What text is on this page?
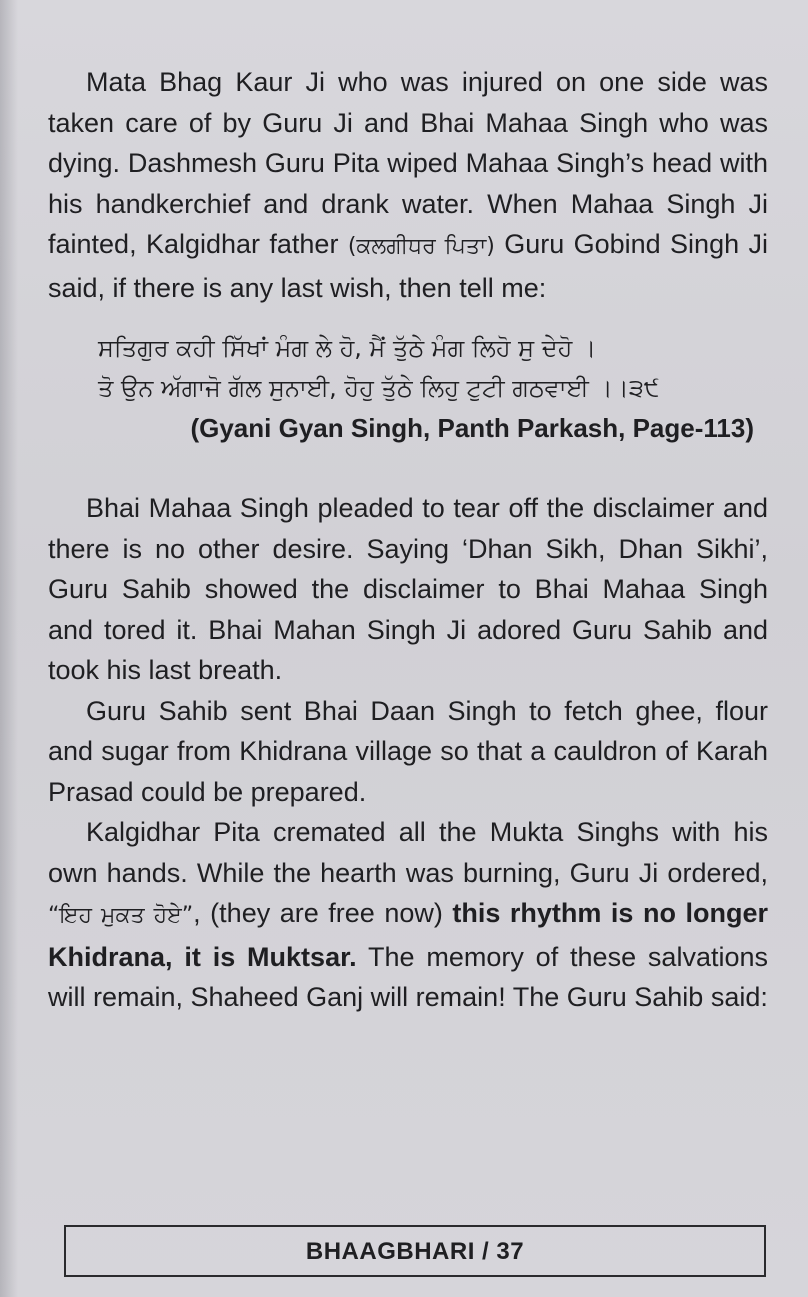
Mata Bhag Kaur Ji who was injured on one side was taken care of by Guru Ji and Bhai Mahaa Singh who was dying. Dashmesh Guru Pita wiped Mahaa Singh’s head with his handkerchief and drank water. When Mahaa Singh Ji fainted, Kalgidhar father (ਕਲਗੀਧਰ ਪਿਤਾ) Guru Gobind Singh Ji said, if there is any last wish, then tell me:

ਸਤਿਗੁਰ ਕਹੀ ਸਿੱਖਾਂ ਮੰਗ ਲੇ ਹੋ, ਮੈਂ ਤੁੱਠੇ ਮੰਗ ਲਿਹੋ ਸੁ ਦੇਹੋ ।

ਤੋ ਉਨ ਅੱਗਾਜੋ ਗੱਲ ਸੁਨਾਈ, ਹੋਹੁ ਤੁੱਠੇ ਲਿਹੁ ਟੁਟੀ ਗਠਵਾਈ ।।੩੯

(Gyani Gyan Singh, Panth Parkash, Page-113)

Bhai Mahaa Singh pleaded to tear off the disclaimer and there is no other desire. Saying ‘Dhan Sikh, Dhan Sikhi’, Guru Sahib showed the disclaimer to Bhai Mahaa Singh and tored it. Bhai Mahan Singh Ji adored Guru Sahib and took his last breath.

Guru Sahib sent Bhai Daan Singh to fetch ghee, flour and sugar from Khidrana village so that a cauldron of Karah Prasad could be prepared.

Kalgidhar Pita cremated all the Mukta Singhs with his own hands. While the hearth was burning, Guru Ji ordered, “ਇਹ ਮੁਕਤ ਹੋਏ”, (they are free now) this rhythm is no longer Khidrana, it is Muktsar. The memory of these salvations will remain, Shaheed Ganj will remain! The Guru Sahib said:

BHAAGBHARI / 37
